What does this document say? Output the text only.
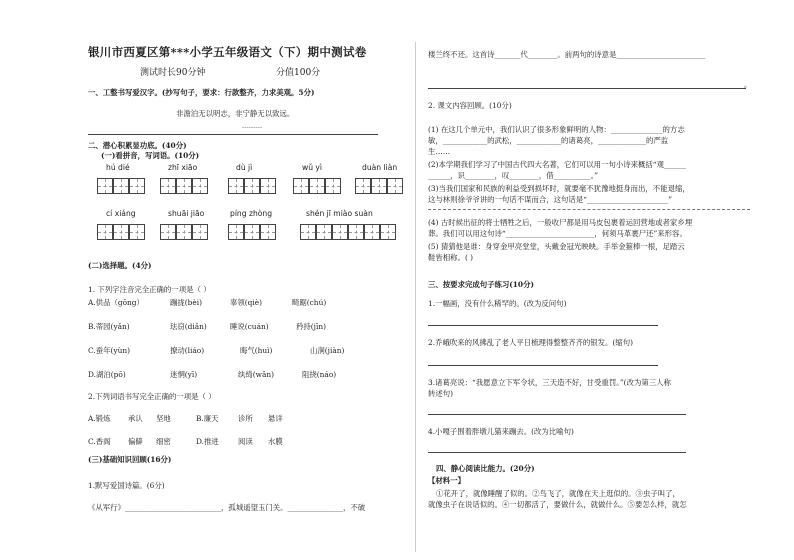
银川市西夏区第***小学五年级语文（下）期中测试卷
测试时长90分钟	分值100分
一、工整书写爱汉字。(抄写句子，要求：行款整齐，力求美观。5分)
非澹泊无以明志，非宁静无以致远。
---------
二、潜心积累显功底。(40分)
(一)看拼音，写词语。(10分)
hú dié	zhī xiāo	dù jì	wǔ yì	duàn liàn
cí xiáng	shuāi jiāo	píng zhòng	shén jī miào suàn
(二)选择题。(4分)
1. 下列字注音完全正确的一项是（ ）
A.供品（gōng）	蹦拢(bèi)	辜领(qiè)	畸踞(chú)
B.蒂园(yǎn)	珐窃(diǎn)	睡说(cuán)	矜持(jīn)
C.蚕年(yùn)	撩动(liáo)	晦气(huì)	山涧(jiàn)
D.湖泊(pō)	迷惘(yī)	纨绮(wǎn)	阻挠(náo)
2.下列词语书写完全正确的一项是（ ）
A.锻炼 承认 坚地	B.廉天	诊所 悬详
C.香阁 偏僻 细密	D.推进	阅读 水膜
(三)基础知识回顾(16分)
1.默写爱国诗篇。(6分)
《从军行》__________________________，孤城遥望玉门关。_______________，不破
楼兰终不还。这首诗_______代________。前两句的诗意是________________________
。
2. 课文内容回顾。(10分)
(1) 在这几个单元中，我们认识了很多形象鲜明的人物：______________的方志
敏，____________的武松，____________的诸葛亮，_____________的严监
生……
(2)本学期我们学习了中国古代四大名著，它们可以用一句小诗来概括“观______
______，识________，叹________，借__________。”
(3)当我们国家和民族的利益受到损坏时，就要毫不犹豫地挺身而出，不能退缩，
这与林则徐爷爷讲的一句话不谋而合，这句话是“______________________”
(4) 古时候出征的将士牺牲之后，一般收尸都是用马皮包裹着运回营地或者家乡埋
葬。我们可以用这句诗“________________________，何须马革裹尸还”来形容。
(5) 猜猜他是谁：身穿金甲亮堂堂，头戴金冠光映映。手举金箍棒一根，足踏云
鞋皆相称。( )
三、按要求完成句子练习(10分)
1.一幅画，没有什么稀罕的。(改为反问句)
2.乔峨吹来的风拂乱了老人平日梳理得整整齐齐的银发。(缩句)
3.诸葛亮说：“我愿意立下军令状，三天造不好，甘受重罚。”(改为第三人称
转述句)
4.小嘎子围着胖墩儿猫来蹦去。(改为比喻句)
四、静心阅读比能力。(20分)
【材料一】
①花开了，就像睡醒了似的。②鸟飞了，就像在天上逛似的。③虫子叫了，
就像虫子在说话似的。④一切都活了，要做什么，就做什么。⑤要怎么样，就怎
